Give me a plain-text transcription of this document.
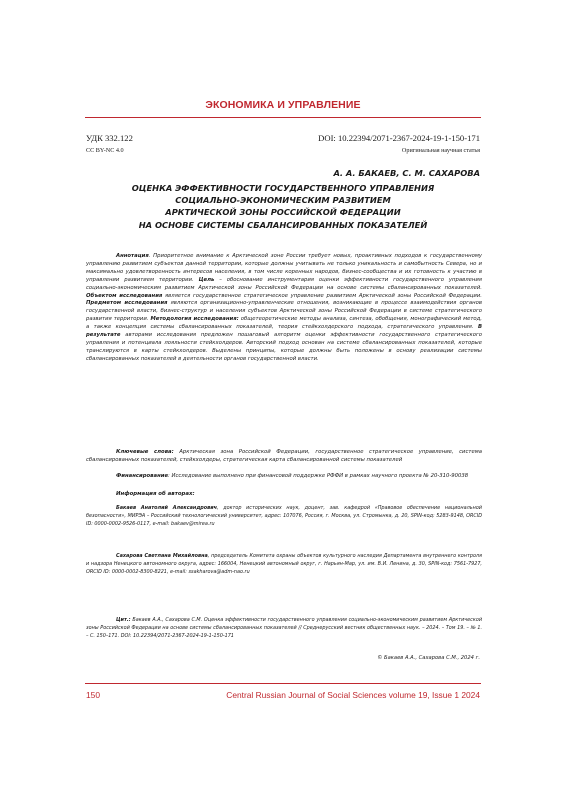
ЭКОНОМИКА И УПРАВЛЕНИЕ
УДК 332.122	DOI: 10.22394/2071-2367-2024-19-1-150-171
CC BY-NC 4.0	Оригинальная научная статья
А. А. БАКАЕВ, С. М. САХАРОВА
ОЦЕНКА ЭФФЕКТИВНОСТИ ГОСУДАРСТВЕННОГО УПРАВЛЕНИЯ
СОЦИАЛЬНО-ЭКОНОМИЧЕСКИМ РАЗВИТИЕМ
АРКТИЧЕСКОЙ ЗОНЫ РОССИЙСКОЙ ФЕДЕРАЦИИ
НА ОСНОВЕ СИСТЕМЫ СБАЛАНСИРОВАННЫХ ПОКАЗАТЕЛЕЙ
Аннотация. Приоритетное внимание к Арктической зоне России требует новых, проактивных подходов к государственному управлению развитием субъектов данной территории, которые должны учитывать не только уникальность и самобытность Севера, но и максимально удовлетворенность интересов населения, в том числе коренных народов, бизнес-сообщества и их готовность к участию в управлении развитием территории. Цель – обоснование инструментария оценки эффективности государственного управления социально-экономическим развитием Арктической зоны Российской Федерации на основе системы сбалансированных показателей. Объектом исследования является государственное стратегическое управление развитием Арктической зоны Российской Федерации. Предметом исследования являются организационно-управленческие отношения, возникающие в процессе взаимодействия органов государственной власти, бизнес-структур и населения субъектов Арктической зоны Российской Федерации в системе стратегического развития территории. Методология исследования: общетеоретические методы анализа, синтеза, обобщения, монографический метод, а также концепция системы сбалансированных показателей, теория стейкхолдерского подхода, стратегического управления. В результате авторами исследования предложен пошаговый алгоритм оценки эффективности государственного стратегического управления и потенциала лояльности стейкхолдеров. Авторский подход основан на системе сбалансированных показателей, которые транслируются в карты стейкхолдеров. Выделены принципы, которые должны быть положены в основу реализации системы сбалансированных показателей в деятельности органов государственной власти.
Ключевые слова: Арктическая зона Российской Федерации, государственное стратегическое управление, система сбалансированных показателей, стейкхолдеры, стратегическая карта сбалансированной системы показателей
Финансирование: Исследование выполнено при финансовой поддержке РФФИ в рамках научного проекта № 20-310-90038
Информация об авторах:
Бакаев Анатолий Александрович, доктор исторических наук, доцент, зав. кафедрой «Правовое обеспечение национальной безопасности», МИРЭА – Российский технологический университет, адрес: 107076, Россия, г. Москва, ул. Стромынка, д. 20, SPIN-код: 5283-9148, ORCID ID: 0000-0002-9526-0117, e-mail: bakaev@mirea.ru
Сахарова Светлана Михайловна, председатель Комитета охраны объектов культурного наследия Департамента внутреннего контроля и надзора Ненецкого автономного округа, адрес: 166004, Ненецкий автономный округ, г. Нарьян-Мар, ул. им. В.И. Ленина, д. 30, SPIN-код: 7561-7927, ORCID ID: 0000-0002-8300-8221, e-mail: ssakharova@adm-nao.ru
Цит.: Бакаев А.А., Сахарова С.М. Оценка эффективности государственного управления социально-экономическим развитием Арктической зоны Российской Федерации на основе системы сбалансированных показателей // Среднерусский вестник общественных наук. – 2024. – Том 19. – № 1. – С. 150–171. DOI: 10.22394/2071-2367-2024-19-1-150-171
© Бакаев А.А., Сахарова С.М., 2024 г.
150	Central Russian Journal of Social Sciences volume 19, Issue 1 2024
